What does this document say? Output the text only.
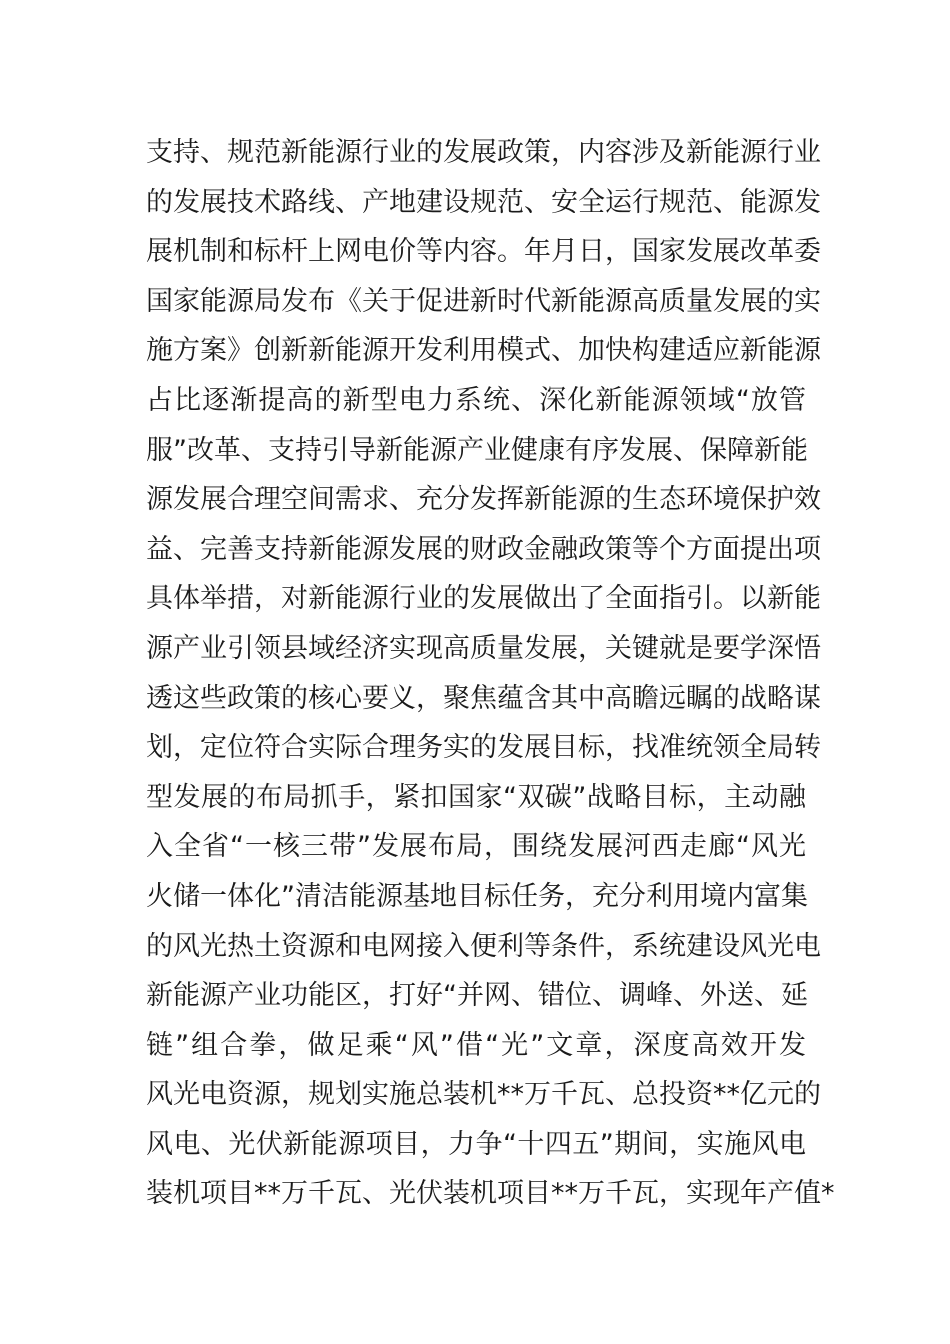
支持、规范新能源行业的发展政策，内容涉及新能源行业
的发展技术路线、产地建设规范、安全运行规范、能源发
展机制和标杆上网电价等内容。年月日，国家发展改革委
国家能源局发布《关于促进新时代新能源高质量发展的实
施方案》创新新能源开发利用模式、加快构建适应新能源
占比逐渐提高的新型电力系统、深化新能源领域“放管
服”改革、支持引导新能源产业健康有序发展、保障新能
源发展合理空间需求、充分发挥新能源的生态环境保护效
益、完善支持新能源发展的财政金融政策等个方面提出项
具体举措，对新能源行业的发展做出了全面指引。以新能
源产业引领县域经济实现高质量发展，关键就是要学深悟
透这些政策的核心要义，聚焦蕴含其中高瞻远瞩的战略谋
划，定位符合实际合理务实的发展目标，找准统领全局转
型发展的布局抓手，紧扣国家“双碳”战略目标，主动融
入全省“一核三带”发展布局，围绕发展河西走廊“风光
火储一体化”清洁能源基地目标任务，充分利用境内富集
的风光热土资源和电网接入便利等条件，系统建设风光电
新能源产业功能区，打好“并网、错位、调峰、外送、延
链”组合拳，做足乘“风”借“光”文章，深度高效开发
风光电资源，规划实施总装机**万千瓦、总投资**亿元的
风电、光伏新能源项目，力争“十四五”期间，实施风电
装机项目**万千瓦、光伏装机项目**万千瓦，实现年产值*
